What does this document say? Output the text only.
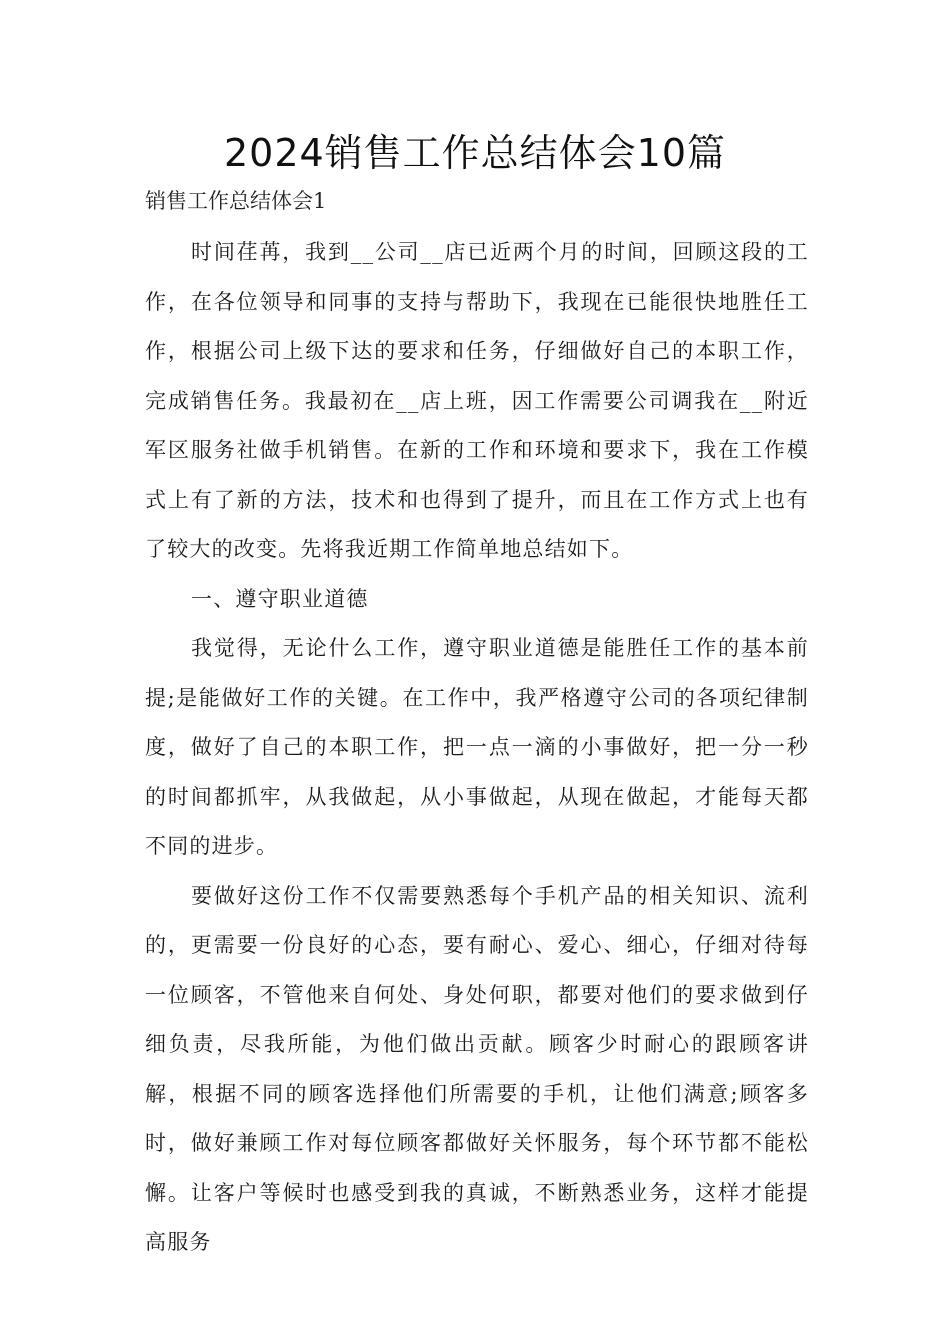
2024销售工作总结体会10篇
销售工作总结体会1

时间荏苒，我到__公司__店已近两个月的时间，回顾这段的工作，在各位领导和同事的支持与帮助下，我现在已能很快地胜任工作，根据公司上级下达的要求和任务，仔细做好自己的本职工作，完成销售任务。我最初在__店上班，因工作需要公司调我在__附近军区服务社做手机销售。在新的工作和环境和要求下，我在工作模式上有了新的方法，技术和也得到了提升，而且在工作方式上也有了较大的改变。先将我近期工作简单地总结如下。

一、遵守职业道德

我觉得，无论什么工作，遵守职业道德是能胜任工作的基本前提;是能做好工作的关键。在工作中，我严格遵守公司的各项纪律制度，做好了自己的本职工作，把一点一滴的小事做好，把一分一秒的时间都抓牢，从我做起，从小事做起，从现在做起，才能每天都不同的进步。

要做好这份工作不仅需要熟悉每个手机产品的相关知识、流利的，更需要一份良好的心态，要有耐心、爱心、细心，仔细对待每一位顾客，不管他来自何处、身处何职，都要对他们的要求做到仔细负责，尽我所能，为他们做出贡献。顾客少时耐心的跟顾客讲解，根据不同的顾客选择他们所需要的手机，让他们满意;顾客多时，做好兼顾工作对每位顾客都做好关怀服务，每个环节都不能松懈。让客户等候时也感受到我的真诚，不断熟悉业务，这样才能提高服务
